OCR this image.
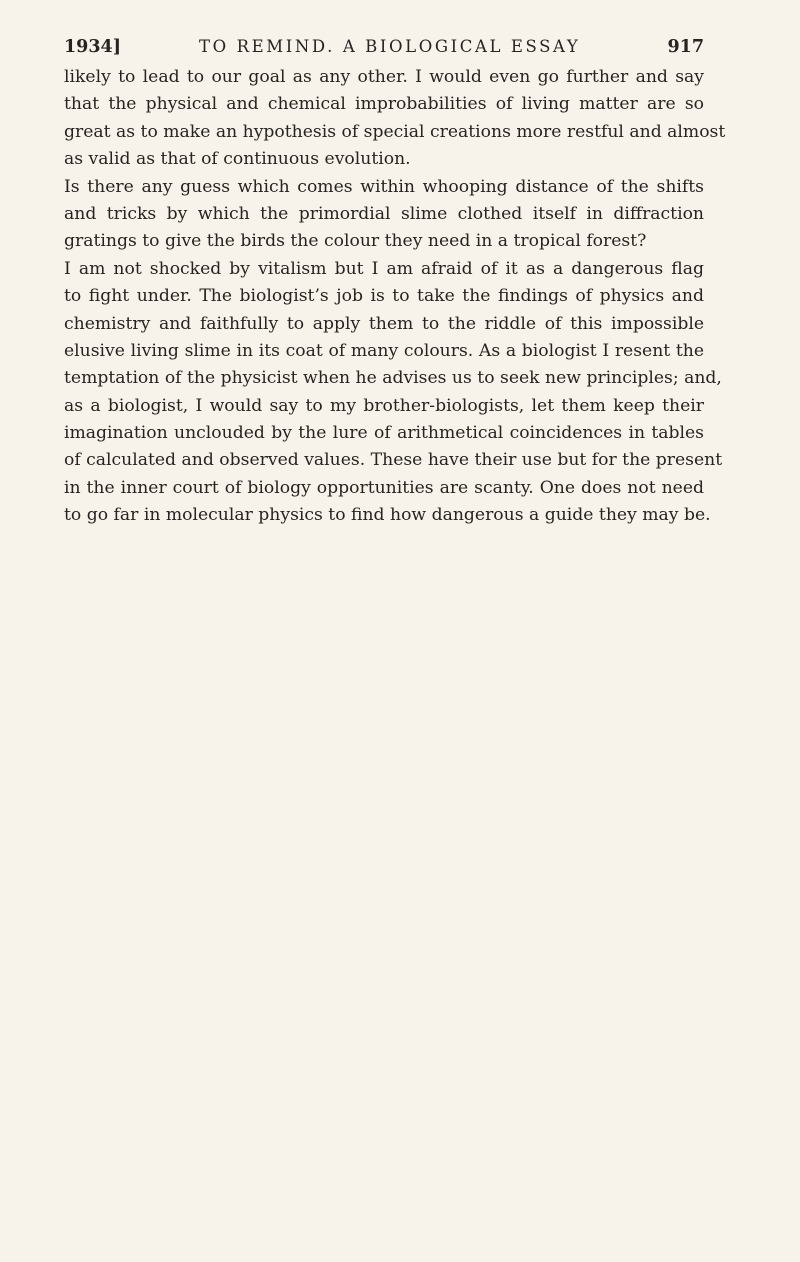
1934]	TO REMIND. A BIOLOGICAL ESSAY	917
likely to lead to our goal as any other. I would even go further and say
that the physical and chemical improbabilities of living matter are so
great as to make an hypothesis of special creations more restful and almost
as valid as that of continuous evolution.
Is there any guess which comes within whooping distance of the shifts
and tricks by which the primordial slime clothed itself in diffraction
gratings to give the birds the colour they need in a tropical forest?
I am not shocked by vitalism but I am afraid of it as a dangerous flag
to fight under. The biologist’s job is to take the findings of physics and
chemistry and faithfully to apply them to the riddle of this impossible
elusive living slime in its coat of many colours. As a biologist I resent the
temptation of the physicist when he advises us to seek new principles; and,
as a biologist, I would say to my brother-biologists, let them keep their
imagination unclouded by the lure of arithmetical coincidences in tables
of calculated and observed values. These have their use but for the present
in the inner court of biology opportunities are scanty. One does not need
to go far in molecular physics to find how dangerous a guide they may be.
